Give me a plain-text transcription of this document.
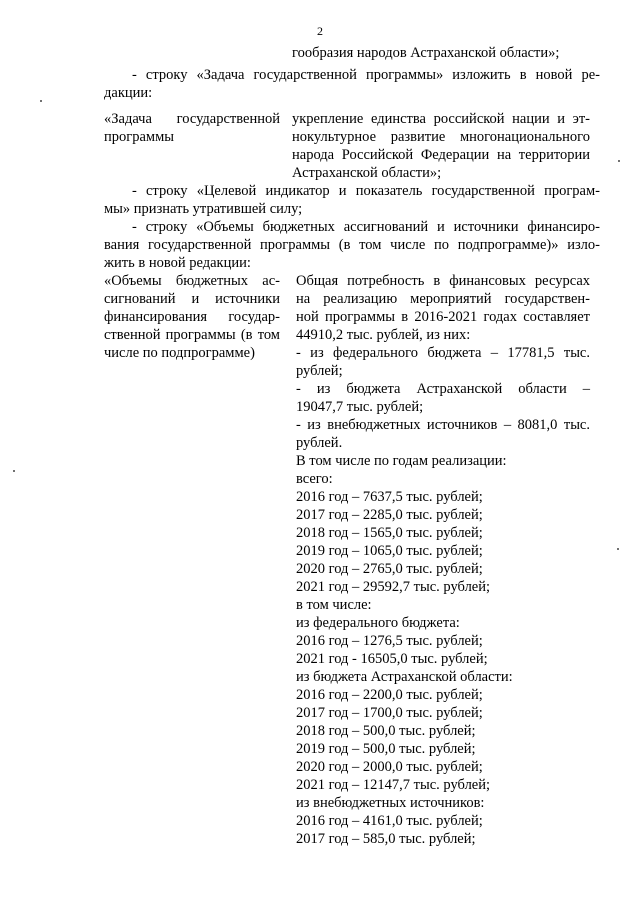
2
гообразия народов Астраханской области»;
- строку «Задача государственной программы» изложить в новой ре-
дакции:
«Задача государственной
программы
укрепление единства российской нации и эт-
нокультурное развитие многонационального
народа Российской Федерации на территории
Астраханской области»;
- строку «Целевой индикатор и показатель государственной програм-
мы» признать утратившей силу;
- строку «Объемы бюджетных ассигнований и источники финансиро-
вания государственной программы (в том числе по подпрограмме)» изло-
жить в новой редакции:
«Объемы бюджетных ас-
сигнований и источники
финансирования государ-
ственной программы (в том
числе по подпрограмме)
Общая потребность в финансовых ресурсах
на реализацию мероприятий государствен-
ной программы в 2016-2021 годах составляет
44910,2 тыс. рублей, из них:
- из федерального бюджета – 17781,5 тыс.
рублей;
- из бюджета Астраханской области –
19047,7 тыс. рублей;
- из внебюджетных источников – 8081,0 тыс.
рублей.
В том числе по годам реализации:
всего:
2016 год – 7637,5 тыс. рублей;
2017 год – 2285,0 тыс. рублей;
2018 год – 1565,0 тыс. рублей;
2019 год – 1065,0 тыс. рублей;
2020 год – 2765,0 тыс. рублей;
2021 год – 29592,7 тыс. рублей;
в том числе:
из федерального бюджета:
2016 год – 1276,5 тыс. рублей;
2021 год - 16505,0 тыс. рублей;
из бюджета Астраханской области:
2016 год – 2200,0 тыс. рублей;
2017 год – 1700,0 тыс. рублей;
2018 год – 500,0 тыс. рублей;
2019 год – 500,0 тыс. рублей;
2020 год – 2000,0 тыс. рублей;
2021 год – 12147,7 тыс. рублей;
из внебюджетных источников:
2016 год – 4161,0 тыс. рублей;
2017 год – 585,0 тыс. рублей;
